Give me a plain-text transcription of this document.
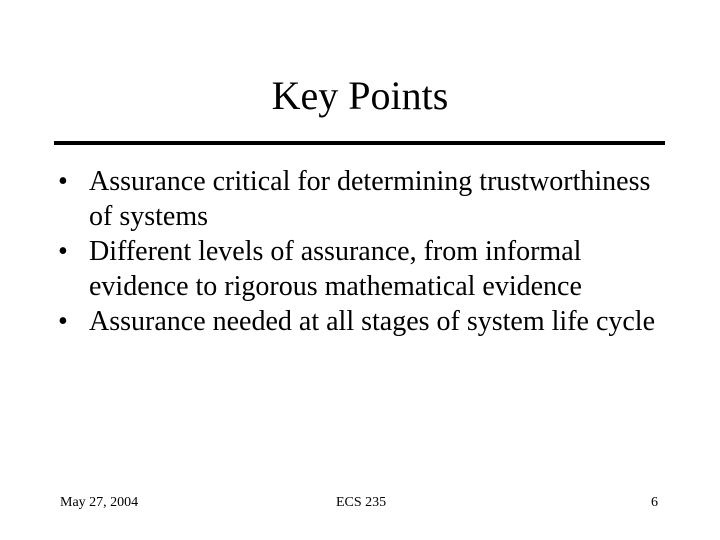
Key Points
• Assurance critical for determining trustworthiness of systems
• Different levels of assurance, from informal evidence to rigorous mathematical evidence
• Assurance needed at all stages of system life cycle
May 27, 2004	ECS 235	6
